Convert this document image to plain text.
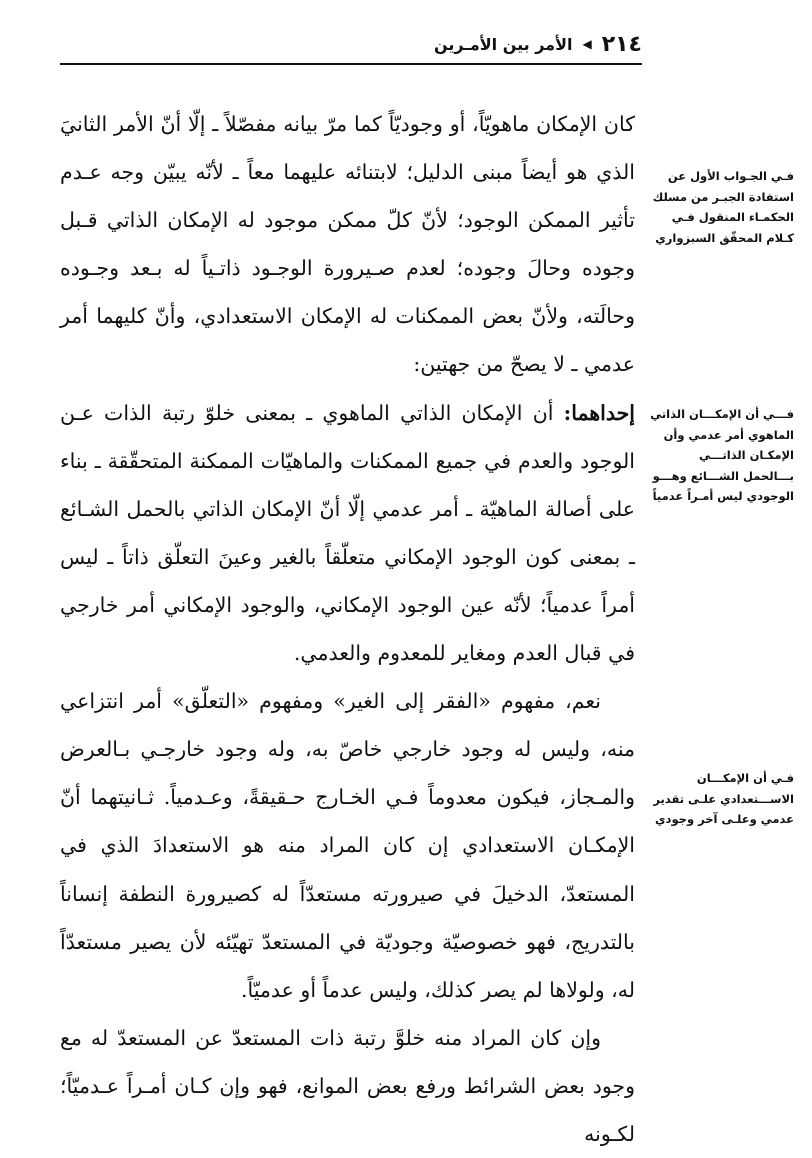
٢١٤
◀
الأمر بين الأمـرين

كان الإمكان ماهويّاً، أو وجوديّاً كما مرّ بيانه مفصّلاً ـ إلّا أنّ الأمر الثانيَ الذي هو أيضاً مبنى الدليل؛ لابتنائه عليهما معاً ـ لأنّه يبيّن وجه عـدم تأثير الممكن الوجود؛ لأنّ كلّ ممكن موجود له الإمكان الذاتي قـبل وجوده وحالَ وجوده؛ لعدم صـيرورة الوجـود ذاتـياً له بـعد وجـوده وحالَته، ولأنّ بعض الممكنات له الإمكان الاستعدادي، وأنّ كليهما أمر عدمي ـ لا يصحّ من جهتين:

إحداهما: أن الإمكان الذاتي الماهوي ـ بمعنى خلوّ رتبة الذات عـن الوجود والعدم في جميع الممكنات والماهيّات الممكنة المتحقّقة ـ بناء على أصالة الماهيّة ـ أمر عدمي إلّا أنّ الإمكان الذاتي بالحمل الشـائع ـ بمعنى كون الوجود الإمكاني متعلّقاً بالغير وعينَ التعلّق ذاتاً ـ ليس أمراً عدمياً؛ لأنّه عين الوجود الإمكاني، والوجود الإمكاني أمر خارجي في قبال العدم ومغاير للمعدوم والعدمي.

نعم، مفهوم «الفقر إلى الغير» ومفهوم «التعلّق» أمر انتزاعي منه، وليس له وجود خارجي خاصّ به، وله وجود خارجـي بـالعرض والمـجاز، فيكون معدوماً فـي الخـارج حـقيقةً، وعـدمياً. ثـانيتهما أنّ الإمكـان الاستعدادي إن كان المراد منه هو الاستعدادَ الذي في المستعدّ، الدخيلَ في صيرورته مستعدّاً له كصيرورة النطفة إنساناً بالتدريج، فهو خصوصيّة وجوديّة في المستعدّ تهيّئه لأن يصير مستعدّاً له، ولولاها لم يصر كذلك، وليس عدماً أو عدميّاً.

وإن كان المراد منه خلوَّ رتبة ذات المستعدّ عن المستعدّ له مع وجود بعض الشرائط ورفع بعض الموانع، فهو وإن كـان أمـراً عـدميّاً؛ لكـونه

فـي الجـواب الأول عن استفادة الجبـر من مسلك الحكمـاء المنقول فـي كـلام المحقّق السبزواري
فـــي أن الإمكـــان الذاتي الماهوي أمر عدمي وأن الإمكـان الذاتـــي بـــالحمل الشـــائع وهـــو الوجودي ليس أمـراً عدمياً
فـي أن الإمكـــان الاســـتعدادي علـى تقدير عدمي وعلـى آخر وجودي
